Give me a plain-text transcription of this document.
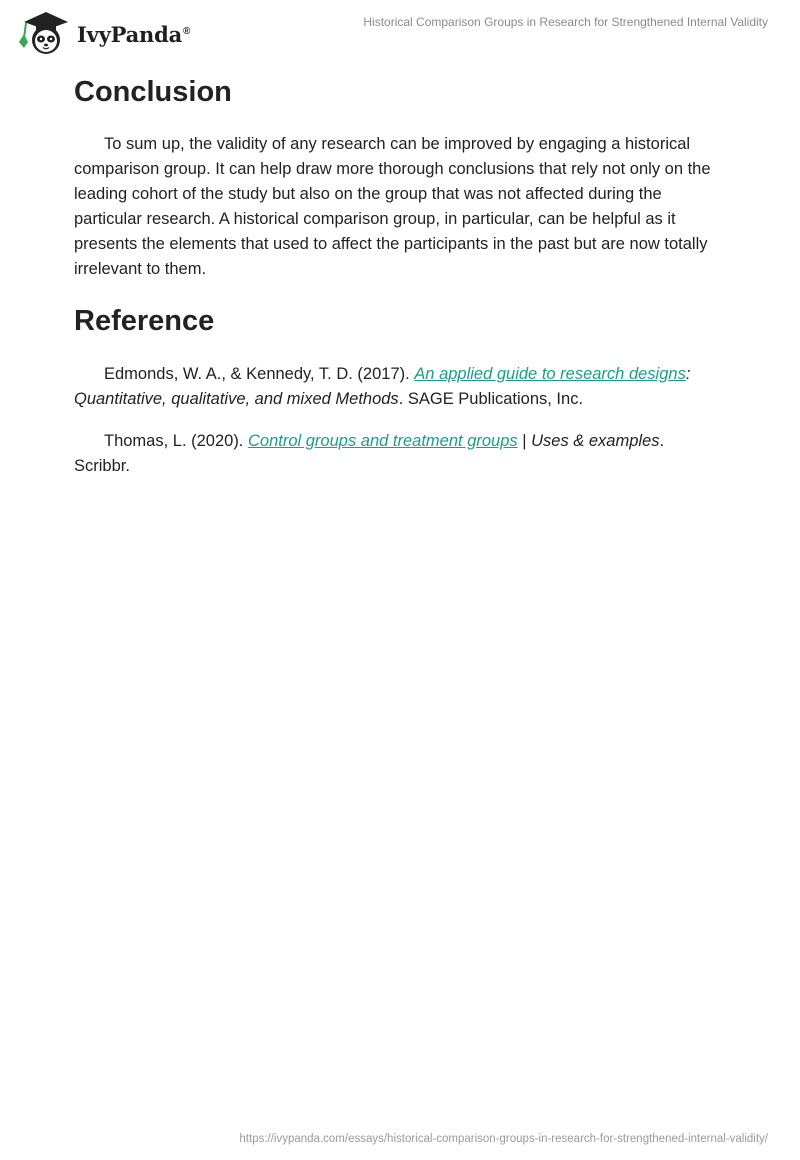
IvyPanda®
Historical Comparison Groups in Research for Strengthened Internal Validity
Conclusion

To sum up, the validity of any research can be improved by engaging a historical comparison group. It can help draw more thorough conclusions that rely not only on the leading cohort of the study but also on the group that was not affected during the particular research. A historical comparison group, in particular, can be helpful as it presents the elements that used to affect the participants in the past but are now totally irrelevant to them.

Reference

Edmonds, W. A., & Kennedy, T. D. (2017). An applied guide to research designs: Quantitative, qualitative, and mixed Methods. SAGE Publications, Inc.

Thomas, L. (2020). Control groups and treatment groups | Uses & examples. Scribbr.

https://ivypanda.com/essays/historical-comparison-groups-in-research-for-strengthened-internal-validity/
